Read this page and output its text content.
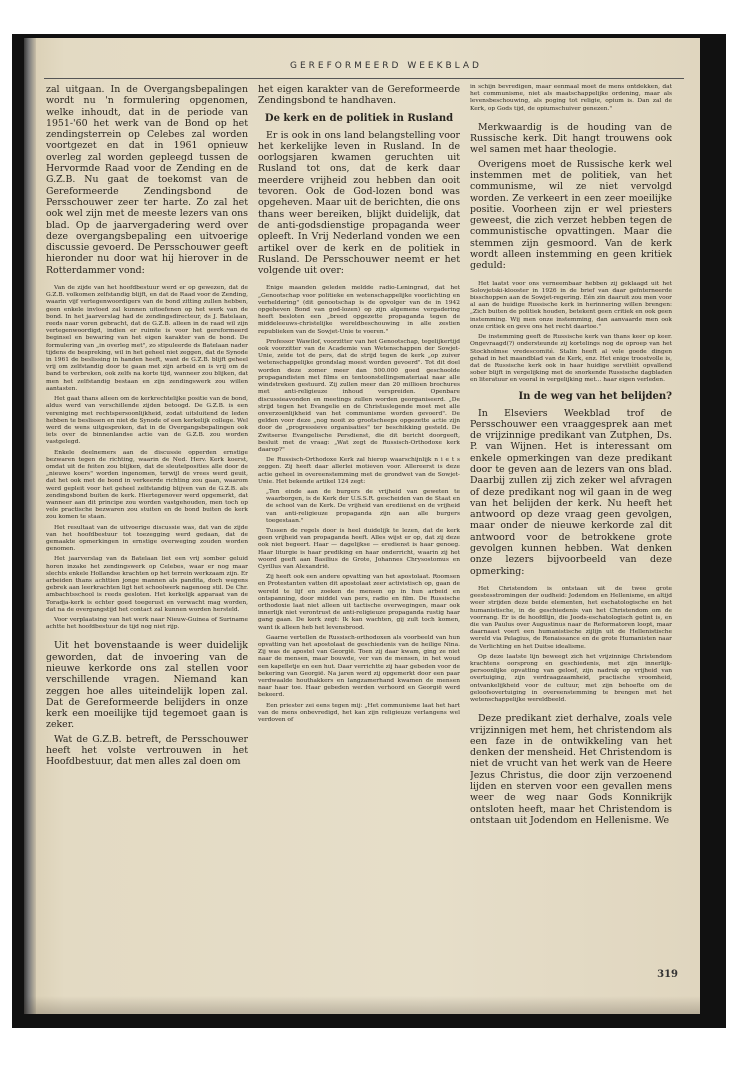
GEREFORMEERD WEEKBLAD

zal uitgaan. In de Overgangsbepalingen wordt nu 'n formulering opgenomen, welke inhoudt, dat in de periode van 1951-'60 het werk van de Bond op het zendingsterrein op Celebes zal worden voortgezet en dat in 1961 opnieuw overleg zal worden gepleegd tussen de Hervormde Raad voor de Zending en de G.Z.B. Nu gaat de toekomst van de Gereformeerde Zendingsbond de Persschouwer zeer ter harte. Zo zal het ook wel zijn met de meeste lezers van ons blad. Op de jaarvergadering werd over deze overgangsbepaling een uitvoerige discussie gevoerd. De Persschouwer geeft hieronder nu door wat hij hierover in de Rotterdammer vond:

Van de zijde van het hoofdbestuur werd er op gewezen, dat de G.Z.B. volkomen zelfstandig blijft, en dat de Raad voor de Zending, waarin vijf vertegenwoordigers van de bond zitting zullen hebben, geen enkele invloed zal kunnen uitoefenen op het werk van de bond. In het jaarverslag had de zendingsdirecteur, ds J. Batelaan, reeds naar voren gebracht, dat de G.Z.B. alleen in de raad wil zijn vertegenwoordigd, indien er ruimte is voor het gereformeerd beginsel en bewaring van het eigen karakter van de bond. De formulering van „in overleg met", zo stipuleerde ds Batelaan nader tijdens de bespreking, wil in het geheel niet zeggen, dat de Synode in 1961 de beslissing in handen heeft, want de G.Z.B. blijft geheel vrij om zelfstandig door te gaan met zijn arbeid en is vrij om de band te verbreken, ook zelfs na korte tijd, wanneer zou blijken, dat men het zelfstandig bestaan en zijn zendingswerk zou willen aantasten.

Het gaat thans alleen om de kerkrechtelijke positie van de bond, aldus werd van verschillende zijden betoogd. De G.Z.B. is een vereniging met rechtspersoonlijkheid, zodat uitsluitend de leden hebben te beslissen en niet de Synode of een kerkelijk college. Wel werd de wens uitgesproken, dat in de Overgangsbepalingen ook iets over de binnenlandse actie van de G.Z.B. zou worden vastgelegd.

Enkele deelnemers aan de discussie opperden ernstige bezwaren tegen de richting, waarin de Ned. Herv. Kerk koerst, omdat uit de feiten zou blijken, dat de sleutelposities alle door de „nieuwe koers" worden ingenomen, terwijl de vrees werd geuit, dat het ook met de bond in verkeerde richting zou gaan, waarom werd gepleit voor het geheel zelfstandig blijven van de G.Z.B. als zendingsbond buiten de kerk. Hiertegenover werd opgemerkt, dat wanneer aan dit principe zou worden vastgehouden, men toch op vele practische bezwaren zou stuiten en de bond buiten de kerk zou komen te staan.

Het resultaat van de uitvoerige discussie was, dat van de zijde van het hoofdbestuur tot toezegging werd gedaan, dat de gemaakte opmerkingen in ernstige overweging zouden worden genomen.

Het jaarverslag van ds Batelaan liet een vrij somber geluid horen inzake het zendingswerk op Celebes, waar er nog maar slechts enkele Hollandse krachten op het terrein werkzaam zijn. Er arbeiden thans achttien jonge mannen als pandita, doch wegens gebrek aan leerkrachten ligt het schoolwerk nagenoeg stil. De Chr. ambachtsschool is reeds gesloten. Het kerkelijk apparaat van de Toradja-kerk is echter goed toegerust en verwacht mag worden, dat na de overgangstijd het contact zal kunnen worden hersteld.

Voor verplaatsing van het werk naar Nieuw-Guinea of Suriname achtte het hoofdbestuur de tijd nog niet rijp.

Uit het bovenstaande is weer duidelijk geworden, dat de invoering van de nieuwe kerkorde ons zal stellen voor verschillende vragen. Niemand kan zeggen hoe alles uiteindelijk lopen zal. Dat de Gereformeerde belijders in onze kerk een moeilijke tijd tegemoet gaan is zeker.

Wat de G.Z.B. betreft, de Persschouwer heeft het volste vertrouwen in het Hoofdbestuur, dat men alles zal doen om

het eigen karakter van de Gereformeerde Zendingsbond te handhaven.

De kerk en de politiek in Rusland

Er is ook in ons land belangstelling voor het kerkelijke leven in Rusland. In de oorlogsjaren kwamen geruchten uit Rusland tot ons, dat de kerk daar meerdere vrijheid zou hebben dan ooit tevoren. Ook de God-lozen bond was opgeheven. Maar uit de berichten, die ons thans weer bereiken, blijkt duidelijk, dat de anti-godsdienstige propaganda weer opleeft. In Vrij Nederland vonden we een artikel over de kerk en de politiek in Rusland. De Persschouwer neemt er het volgende uit over:

Enige maanden geleden meldde radio-Leningrad, dat het „Genootschap voor politieke en wetenschappelijke voorlichting en verheldering" (dit genootschap is de opvolger van de in 1942 opgeheven Bond van god-lozen) op zijn algemene vergadering heeft besloten een „breed opgezette propaganda tegen de middeleeuws-christelijke wereldbeschouwing in alle zestien republieken van de Sowjet-Unie te voeren."

Professor Wawilof, voorzitter van het Genootschap, tegelijkertijd ook voorzitter van de Academie van Wetenschappen der Sowjet-Unie, zeide tot de pers, dat de strijd tegen de kerk „op zuiver wetenschappelijke grondslag moest worden gevoerd". Tot dit doel worden deze zomer meer dan 500.000 goed geschoolde propagandisten met films en tentoonstellingsmateriaal naar alle windstreken gestuurd. Zij zullen meer dan 20 millioen brochures met anti-religieuze inhoud verspreiden. Openbare discussieavonden en meetings zullen worden georganiseerd. „De strijd tegen het Evangelie en de Christuslegende moet met alle onverzoenlijkheid van het communisme worden gevoerd". De gelden voor deze „nog nooit zo grootscheeps opgezette actie zijn door de „progressieve organisaties" ter beschikking gesteld. De Zwitserse Evangelische Persdienst, die dit bericht doorgeeft, besluit met de vraag: „Wat zegt de Russisch-Orthodoxe kerk daarop?"

De Russisch-Orthodoxe Kerk zal hierop waarschijnlijk n i e t s zeggen. Zij heeft daar allerlei motieven voor. Allereerst is deze actie geheel in overeenstemming met de grondwet van de Sowjet-Unie. Het bekende artikel 124 zegt:

„Ten einde aan de burgers de vrijheid van geweten te waarborgen, is de Kerk der U.S.S.R. gescheiden van de Staat en de school van de Kerk. De vrijheid van erediienst en de vrijheid van anti-religieuze propaganda zijn aan alle burgers toegestaan."

Tussen de regels door is heel duidelijk te lezen, dat de kerk geen vrijheid van propaganda heeft. Alles wijst er op, dat zij deze ook niet begeert. Haar — dagelijkse — eredienst is haar genoeg. Haar liturgie is haar prediking en haar onderricht, waarin zij het woord geeft aan Basilius de Grote, Johannes Chrysostomus en Cyrillus van Alexandrië.

Zij heeft ook een andere opvatting van het apostolaat. Roomsen en Protestanten vatten dit apostolaat zeer activistisch op, gaan de wereld te lijf en zoeken de mensen op in hun arbeid en ontspanning, door middel van pers, radio en film. De Russische orthodoxie laat niet alleen uit tactische overwegingen, maar ook innerlijk niet verontrust de anti-religieuze propaganda rustig haar gang gaan. De kerk zegt: Ik kan wachten, gij zult toch komen, want ik alleen heb het levensbrood.

Gaarne vertellen de Russisch-orthodoxen als voorbeeld van hun opvatting van het apostolaat de geschiedenis van de heilige Nina. Zij was de apostel van Georgië. Toen zij daar kwam, ging ze niet naar de mensen, maar bouwde, ver van de mensen, in het woud een kapelletje en een hut. Daar verrichtte zij haar gebeden voor de bekering van Georgië. Na jaren werd zij opgemerkt door een paar verdwaalde houthakkers en langzamerhand kwamen de mensen naar haar toe. Haar gebeden werden verhoord en Georgië werd bekeerd.

Een priester zei eens tegen mij: „Het communisme laat het hart van de mens onbevredigd, het kan zijn religieuze verlangens wel verdoven of

in schijn bevredigen, maar eenmaal moet de mens ontdekken, dat het communisme, niet als maatschappelijke ordening, maar als levensbeschouwing, als poging tot religie, opium is. Dan zal de Kerk, op Gods tijd, de opiumschuiver genezen."

Merkwaardig is de houding van de Russische kerk. Dit hangt trouwens ook wel samen met haar theologie.

Overigens moet de Russische kerk wel instemmen met de politiek, van het communisme, wil ze niet vervolgd worden. Ze verkeert in een zeer moeilijke positie. Voorheen zijn er wel priesters geweest, die zich verzet hebben tegen de communistische opvattingen. Maar die stemmen zijn gesmoord. Van de kerk wordt alleen instemming en geen kritiek geduld:

Het laatst voor ons verneembaar hebben zij geklaagd uit het Solovjetski-klooster in 1926 in de brief van daar geïnterneerde bisschoppen aan de Sowjet-regering. Eén zin daaruit zou men voor al aan de huidige Russische kerk in herinnering willen brengen: „Zich buiten de politiek houden, betekent geen critiek en ook geen instemming. Wij men onze instemming, dan aanvaarde men ook onze critiek en geve ons het recht daartoe."

De instemming geeft de Russische kerk van thans keer op keer. Ongevraagd(?) ondersteunde zij kortelings nog de oproep van het Stockholmse vredescomité. Stalin heeft al vele goede dingen gehad in het maandblad van de Kerk, enz. Het enige troostvolle is, dat de Russische kerk ook in haar huidige servilièit opvallend sober blijft in vergelijking met de snorkende Russische dagbladen en literatuur en vooral in vergelijking met... haar eigen verleden.

In de weg van het belijden?

In Elseviers Weekblad trof de Persschouwer een vraaggesprek aan met de vrijzinnige predikant van Zutphen, Ds. P. van Wijnen. Het is interessant om enkele opmerkingen van deze predikant door te geven aan de lezers van ons blad. Daarbij zullen zij zich zeker wel afvragen of deze predikant nog wil gaan in de weg van het belijden der kerk. Nu heeft het antwoord op deze vraag geen gevolgen, maar onder de nieuwe kerkorde zal dit antwoord voor de betrokkene grote gevolgen kunnen hebben. Wat denken onze lezers bijvoorbeeld van deze opmerking:

Het Christendom is ontstaan uit de twee grote geestesstromingen der oudheid: Jodendom en Hellenisme, en altijd weer strijden deze beide elementen, het eschatologische en het humanistische, in de geschiedenis van het Christendom om de voorrang. Er is de hoofdlijn, die Joods-eschatologisch getint is, en die van Paulus over Augustinus naar de Reformatoren loopt, maar daarnaast voert een humanistische zijlijn uit de Hellenistische wereld via Pelagius, de Renaissance en de grote Humanisten naar de Verlichting en het Duitse idealisme.

Op deze laatste lijn beweegt zich het vrijzinnige Christendom krachtens oorsprong en geschiedenis, met zijn innerlijk-persoonlijke opvatting van geloof, zijn nadruk op vrijheid van overtuiging, zijn verdraagzaamheid, practische vroomheid, ontvankelijkheid voor de cultuur, met zijn behoefte om de geloofsovertuiging in overeenstemming te brengen met het wetenschappelijke wereldbeeld.

Deze predikant ziet derhalve, zoals vele vrijzinnigen met hem, het christendom als een faze in de ontwikkeling van het denken der mensheid. Het Christendom is niet de vrucht van het werk van de Heere Jezus Christus, die door zijn verzoenend lijden en sterven voor een gevallen mens weer de weg naar Gods Konnikrijk ontsloten heeft, maar het Christendom is ontstaan uit Jodendom en Hellenisme. We

319
